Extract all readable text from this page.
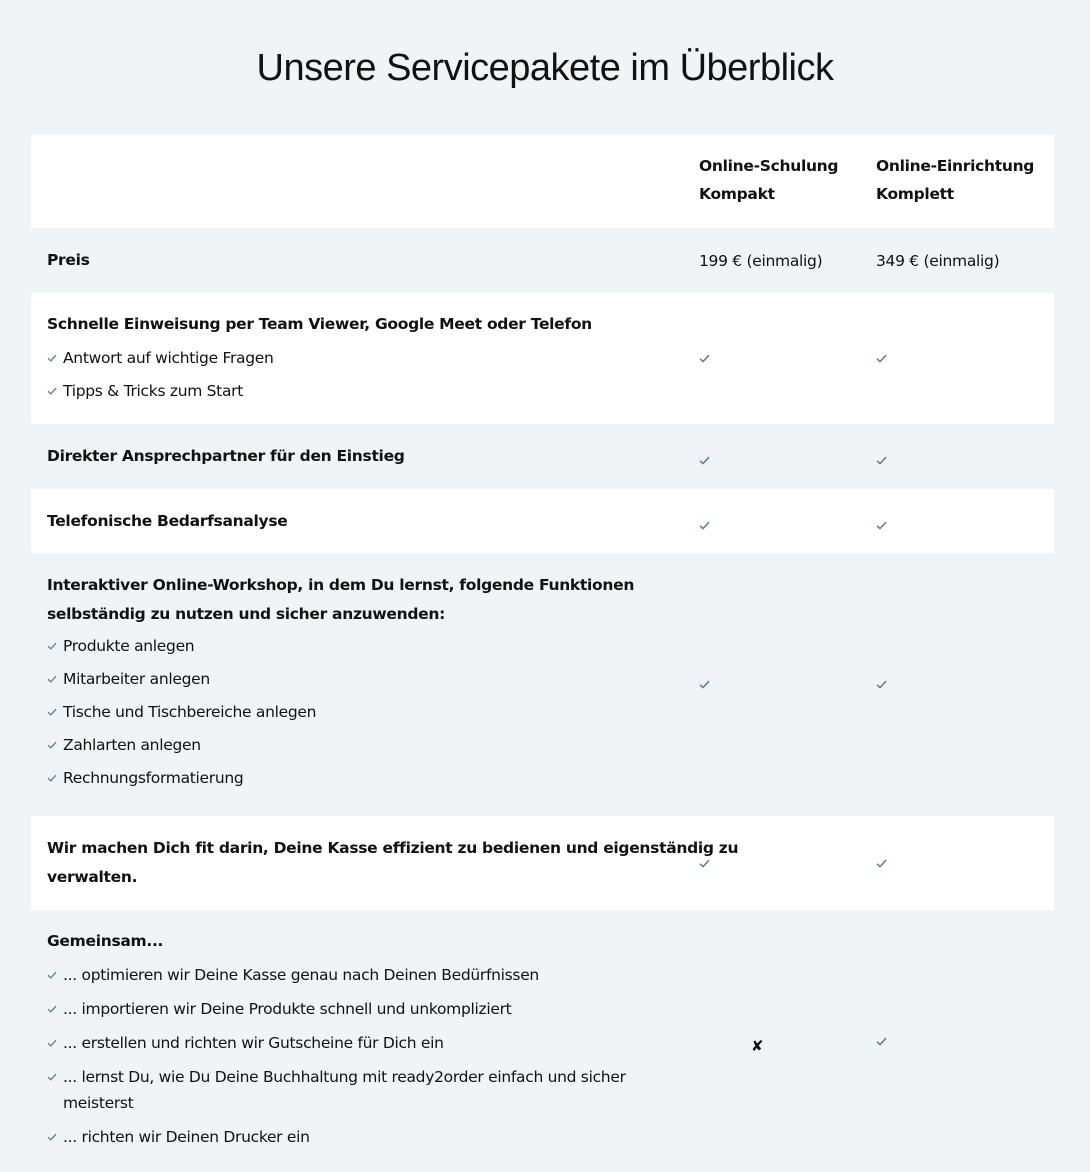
Unsere Servicepakete im Überblick
Online-Schulung
Kompakt
Online-Einrichtung
Komplett
Preis	199 € (einmalig)	349 € (einmalig)
Schnelle Einweisung per Team Viewer, Google Meet oder Telefon
Antwort auf wichtige Fragen
Tipps & Tricks zum Start
Direkter Ansprechpartner für den Einstieg
Telefonische Bedarfsanalyse
Interaktiver Online-Workshop, in dem Du lernst, folgende Funktionen
selbständig zu nutzen und sicher anzuwenden:
Produkte anlegen
Mitarbeiter anlegen
Tische und Tischbereiche anlegen
Zahlarten anlegen
Rechnungsformatierung
Wir machen Dich fit darin, Deine Kasse effizient zu bedienen und eigenständig zu
verwalten.
Gemeinsam...
... optimieren wir Deine Kasse genau nach Deinen Bedürfnissen
... importieren wir Deine Produkte schnell und unkompliziert
... erstellen und richten wir Gutscheine für Dich ein
... lernst Du, wie Du Deine Buchhaltung mit ready2order einfach und sicher meisterst
... richten wir Deinen Drucker ein
✘
